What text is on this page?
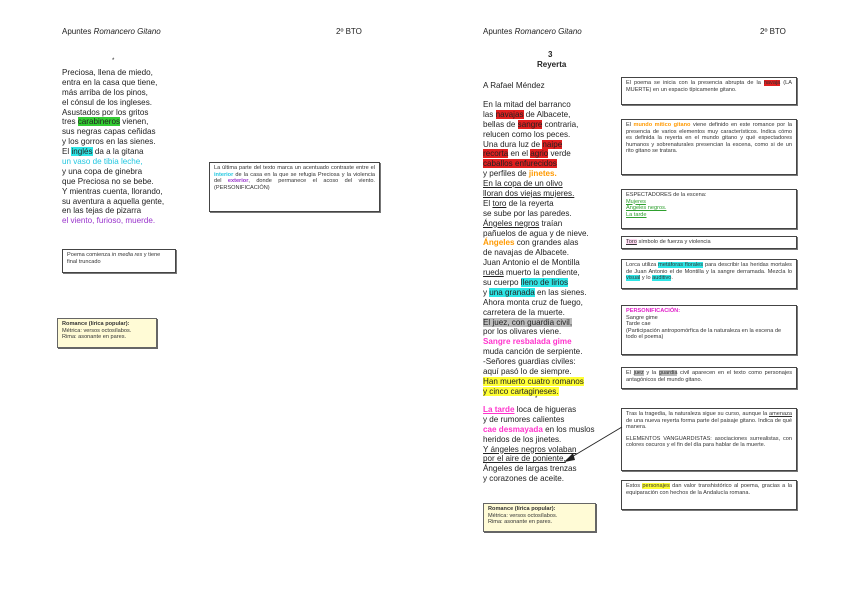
Apuntes Romancero Gitano	2º BTO
*
Preciosa, llena de miedo,
entra en la casa que tiene,
más arriba de los pinos,
el cónsul de los ingleses.
Asustados por los gritos
tres carabineros vienen,
sus negras capas ceñidas
y los gorros en las sienes.
El inglés da a la gitana
un vaso de tibia leche,
y una copa de ginebra
que Preciosa no se bebe.
Y mientras cuenta, llorando,
su aventura a aquella gente,
en las tejas de pizarra
el viento, furioso, muerde.
La última parte del texto marca un acentuado contraste entre el interior de la casa en la que se refugia Preciosa y la violencia del exterior, donde permanece el acoso del viento. (PERSONIFICACIÓN)
Poema comienza in media res y tiene final truncado
Romance (lírica popular):
Métrica: versos octosílabos.
Rima: asonante en pares.
Apuntes Romancero Gitano	2º BTO
3
Reyerta
A Rafael Méndez
En la mitad del barranco
las navajas de Albacete,
bellas de sangre contraria,
relucen como los peces.
Una dura luz de naipe
recorta en el agrio verde
caballos enfurecidos
y perfiles de jinetes.
En la copa de un olivo
lloran dos viejas mujeres.
El toro de la reyerta
se sube por las paredes.
Ángeles negros traían
pañuelos de agua y de nieve.
Ángeles con grandes alas
de navajas de Albacete.
Juan Antonio el de Montilla
rueda muerto la pendiente,
su cuerpo lleno de lirios
y una granada en las sienes.
Ahora monta cruz de fuego,
carretera de la muerte.
El juez, con guardia civil,
por los olivares viene.
Sangre resbalada gime
muda canción de serpiente.
-Señores guardias civiles:
aquí pasó lo de siempre.
Han muerto cuatro romanos
y cinco cartagineses.
*
La tarde loca de higueras
y de rumores calientes
cae desmayada en los muslos
heridos de los jinetes.
Y ángeles negros volaban
por el aire de poniente.
Ángeles de largas trenzas
y corazones de aceite.
Romance (lírica popular):
Métrica: versos octosílabos.
Rima: asonante en pares.
El poema se inicia con la presencia abrupta de la navaja (LA MUERTE) en un espacio típicamente gitano.
El mundo mítico gitano viene definido en este romance por la presencia de varios elementos muy característicos. Indica cómo es definida la reyerta en el mundo gitano y qué espectadores humanos y sobrenaturales presencian la escena, como si de un rito gitano se tratara.
ESPECTADORES de la escena:
Mujeres
Ángeles negros.
La tarde
Toro símbolo de fuerza y violencia
Lorca utiliza metáforas florales para describir las heridas mortales de Juan Antonio el de Montilla y la sangre derramada. Mezcla lo visual y lo auditivo.
PERSONIFICACIÓN:
Sangre gime
Tarde cae
(Participación antropomórfica de la naturaleza en la escena de todo el poema)
El juez y la guardia civil aparecen en el texto como personajes antagónicos del mundo gitano.
Tras la tragedia, la naturaleza sigue su curso, aunque la amenaza de una nueva reyerta forma parte del paisaje gitano. Indica de qué manera.
ELEMENTOS VANGUARDISTAS: asociaciones surrealistas, con colores oscuros y el fin del día para hablar de la muerte.
Estos personajes dan valor transhistórico al poema, gracias a la equiparación con hechos de la Andalucía romana.
